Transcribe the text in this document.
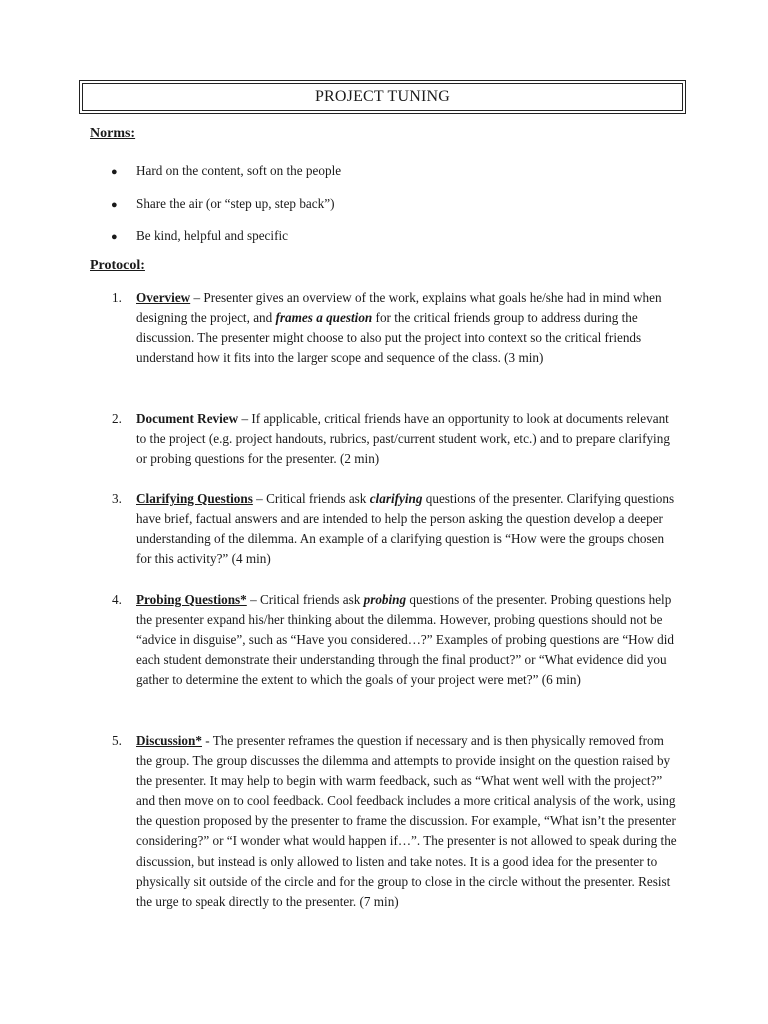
PROJECT TUNING
Norms:
●	Hard on the content, soft on the people
●	Share the air (or “step up, step back”)
●	Be kind, helpful and specific
Protocol:
1.	Overview – Presenter gives an overview of the work, explains what goals he/she had in mind when designing the project, and frames a question for the critical friends group to address during the discussion. The presenter might choose to also put the project into context so the critical friends understand how it fits into the larger scope and sequence of the class. (3 min)
2.	Document Review – If applicable, critical friends have an opportunity to look at documents relevant to the project (e.g. project handouts, rubrics, past/current student work, etc.) and to prepare clarifying or probing questions for the presenter. (2 min)
3.	Clarifying Questions – Critical friends ask clarifying questions of the presenter. Clarifying questions have brief, factual answers and are intended to help the person asking the question develop a deeper understanding of the dilemma. An example of a clarifying question is “How were the groups chosen for this activity?” (4 min)
4.	Probing Questions* – Critical friends ask probing questions of the presenter. Probing questions help the presenter expand his/her thinking about the dilemma. However, probing questions should not be “advice in disguise”, such as “Have you considered…?” Examples of probing questions are “How did each student demonstrate their understanding through the final product?” or “What evidence did you gather to determine the extent to which the goals of your project were met?” (6 min)
5.	Discussion* - The presenter reframes the question if necessary and is then physically removed from the group. The group discusses the dilemma and attempts to provide insight on the question raised by the presenter. It may help to begin with warm feedback, such as “What went well with the project?” and then move on to cool feedback. Cool feedback includes a more critical analysis of the work, using the question proposed by the presenter to frame the discussion. For example, “What isn’t the presenter considering?” or “I wonder what would happen if…”. The presenter is not allowed to speak during the discussion, but instead is only allowed to listen and take notes. It is a good idea for the presenter to physically sit outside of the circle and for the group to close in the circle without the presenter. Resist the urge to speak directly to the presenter. (7 min)
